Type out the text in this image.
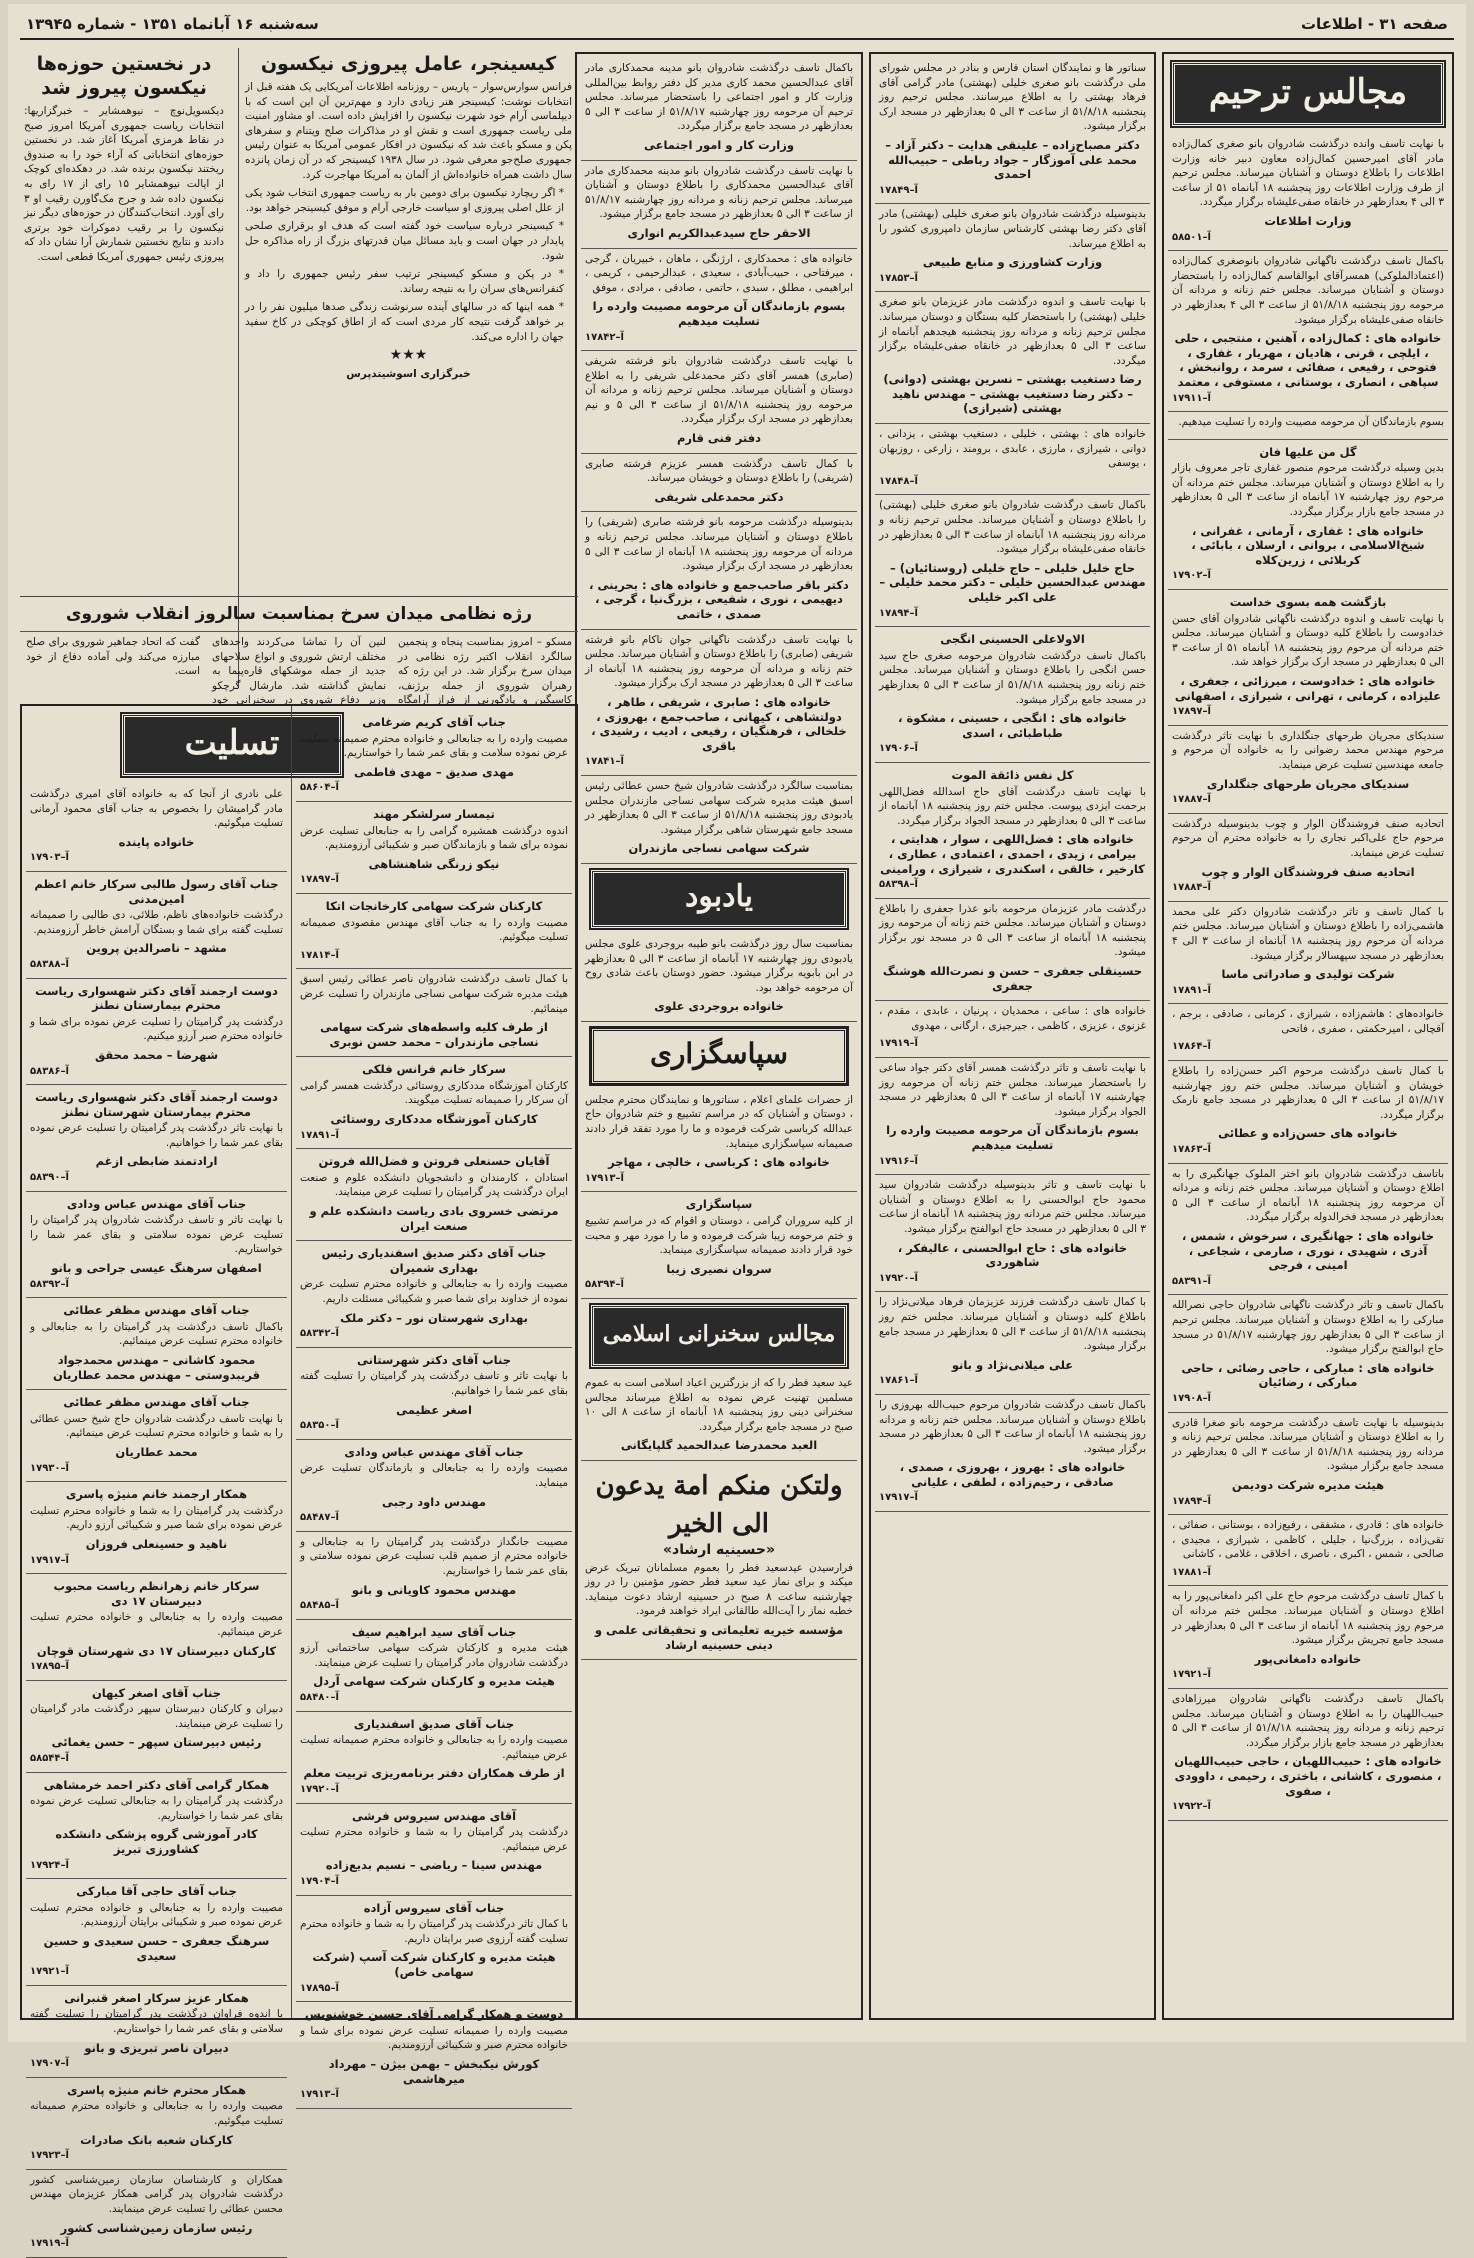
صفحه ۳۱ - اطلاعات
سه‌شنبه ۱۶ آبانماه ۱۳۵۱ - شماره ۱۳۹۴۵
مجالس ترحیم

با نهایت تاسف وانده درگذشت شادروان بانو صغری کمال‌زاده مادر آقای امیرحسین کمال‌زاده معاون دبیر خانه وزارت اطلاعات را باطلاع دوستان و آشنایان میرساند. مجلس ترحیم از طرف وزارت اطلاعات روز پنجشنبه ۱۸ آبانماه ۵۱ از ساعت ۳ الی ۴ بعدازظهر در خانقاه صفی‌علیشاه برگزار میگردد.

وزارت اطلاعات
۵۸۵۰۱–آ

باکمال تاسف درگذشت ناگهانی شادروان بانوصغری کمال‌زاده (اعتمادالملوکی) همسرآقای ابوالقاسم کمال‌زاده را باستحضار دوستان و آشنایان میرساند. مجلس ختم زنانه و مردانه آن مرحومه روز پنجشنبه ۵۱/۸/۱۸ از ساعت ۳ الی ۴ بعدازظهر در خانقاه صفی‌علیشاه برگزار میشود.

خانواده های : کمال‌زاده ، آهنین ، منتجبی ، حلی ، ایلچی ، قرنی ، هادیان ، مهریار ، غفاری ، فتوحی ، رفیعی ، صفائی ، سرمد ، روانبخش ، سپاهی ، انصاری ، بوستانی ، مستوفی ، معتمد
۱۷۹۱۱–آ

بسوم بازماندگان آن مرحومه مصیبت وارده را تسلیت میدهیم.

گل من علیها فان

بدین وسیله درگذشت مرحوم منصور غفاری تاجر معروف بازار را به اطلاع دوستان و آشنایان میرساند. مجلس ختم مردانه آن مرحوم روز چهارشنبه ۱۷ آبانماه از ساعت ۳ الی ۵ بعدازظهر در مسجد جامع بازار برگزار میگردد.

خانواده های : غفاری ، آرمانی ، غفرانی ، شیخ‌الاسلامی ، بروانی ، ارسلان ، بابائی ، کربلائی ، زرین‌کلاه
۱۷۹۰۲–آ
بازگشت همه بسوی خداست

با نهایت تاسف و اندوه درگذشت ناگهانی شادروان آقای حسن خدادوست را باطلاع کلیه دوستان و آشنایان میرساند. مجلس ختم مردانه آن مرحوم روز پنجشنبه ۱۸ آبانماه ۵۱ از ساعت ۳ الی ۵ بعدازظهر در مسجد ارک برگزار خواهد شد.

خانواده های : خدادوست ، میرزائی ، جعفری ، علیزاده ، کرمانی ، تهرانی ، شیرازی ، اصفهانی
۱۷۸۹۷–آ

سندیکای مجریان طرحهای جنگلداری با نهایت تاثر درگذشت مرحوم مهندس محمد رضوانی را به خانواده آن مرحوم و جامعه مهندسین تسلیت عرض مینماید.

سندیکای مجریان طرحهای جنگلداری
۱۷۸۸۷–آ

اتحادیه صنف فروشندگان الوار و چوب بدینوسیله درگذشت مرحوم حاج علی‌اکبر نجاری را به خانواده محترم آن مرحوم تسلیت عرض مینماید.

اتحادیه صنف فروشندگان الوار و چوب
۱۷۸۸۴–آ

با کمال تاسف و تاثر درگذشت شادروان دکتر علی محمد هاشمی‌زاده را باطلاع دوستان و آشنایان میرساند. مجلس ختم مردانه آن مرحوم روز پنجشنبه ۱۸ آبانماه از ساعت ۳ الی ۴ بعدازظهر در مسجد سپهسالار برگزار میشود.

شرکت تولیدی و صادراتی ماسا
۱۷۸۹۱–آ

خانواده‌های : هاشم‌زاده ، شیرازی ، کرمانی ، صادقی ، برجم ، آقچالی ، امیرحکمتی ، صفری ، فاتحی

۱۷۸۶۴–آ

با کمال تاسف درگذشت مرحوم اکبر حسن‌زاده را باطلاع خویشان و آشنایان میرساند. مجلس ختم روز چهارشنبه ۵۱/۸/۱۷ از ساعت ۳ الی ۵ بعدازظهر در مسجد جامع نارمک برگزار میگردد.

خانواده های حسن‌زاده و عطائی
۱۷۸۶۳–آ

باتاسف درگذشت شادروان بانو اختر الملوک جهانگیری را به اطلاع دوستان و آشنایان میرساند. مجلس ختم زنانه و مردانه آن مرحومه روز پنجشنبه ۱۸ آبانماه از ساعت ۳ الی ۵ بعدازظهر در مسجد فخرالدوله برگزار میگردد.

خانواده های : جهانگیری ، سرخوش ، شمس ، آذری ، شهیدی ، نوری ، صارمی ، شجاعی ، امینی ، فرجی
۵۸۳۹۱–آ

باکمال تاسف و تاثر درگذشت ناگهانی شادروان حاجی نصرالله مبارکی را به اطلاع دوستان و آشنایان میرساند. مجلس ترحیم از ساعت ۳ الی ۵ بعدازظهر روز چهارشنبه ۵۱/۸/۱۷ در مسجد حاج ابوالفتح برگزار میشود.

خانواده های : مبارکی ، حاجی رضائی ، حاجی مبارکی ، رضائیان
۱۷۹۰۸–آ

بدینوسیله با نهایت تاسف درگذشت مرحومه بانو صغرا قادری را به اطلاع دوستان و آشنایان میرساند. مجلس ترحیم زنانه و مردانه روز پنجشنبه ۵۱/۸/۱۸ از ساعت ۳ الی ۵ بعدازظهر در مسجد جامع برگزار میشود.

هیئت مدیره شرکت دودیمن
۱۷۸۹۴–آ

خانواده های : قادری ، مشفقی ، رفیع‌زاده ، بوستانی ، صفائی ، تقی‌زاده ، بزرگ‌نیا ، جلیلی ، کاظمی ، شیرازی ، مجیدی ، صالحی ، شمس ، اکبری ، ناصری ، اخلاقی ، غلامی ، کاشانی

۱۷۸۸۱–آ

با کمال تاسف درگذشت مرحوم حاج علی اکبر دامغانی‌پور را به اطلاع دوستان و آشنایان میرساند. مجلس ختم مردانه آن مرحوم روز پنجشنبه ۱۸ آبانماه از ساعت ۳ الی ۵ بعدازظهر در مسجد جامع تجریش برگزار میشود.

خانواده دامغانی‌پور
۱۷۹۲۱–آ

باکمال تاسف درگذشت ناگهانی شادروان میرزاهادی حبیب‌اللهیان را به اطلاع دوستان و آشنایان میرساند. مجلس ترحیم زنانه و مردانه روز پنجشنبه ۵۱/۸/۱۸ از ساعت ۳ الی ۵ بعدازظهر در مسجد جامع بازار برگزار میگردد.

خانواده های : حبیب‌اللهیان ، حاجی حبیب‌اللهیان ، منصوری ، کاشانی ، باختری ، رحیمی ، داوودی ، صفوی
۱۷۹۲۲–آ

سناتور ها و نمایندگان استان فارس و بنادر در مجلس شورای ملی درگذشت بانو صغری خلیلی (بهشتی) مادر گرامی آقای فرهاد بهشتی را به اطلاع میرسانند. مجلس ترحیم روز پنجشنبه ۵۱/۸/۱۸ از ساعت ۳ الی ۵ بعدازظهر در مسجد ارک برگزار میشود.

دکتر مصباح‌زاده – علینقی هدایت – دکتر آزاد – محمد علی آموزگار – جواد رباطی – حبیب‌الله احمدی
۱۷۸۴۹–آ

بدینوسیله درگذشت شادروان بانو صغری خلیلی (بهشتی) مادر آقای دکتر رضا بهشتی کارشناس سازمان دامپروری کشور را به اطلاع میرساند.

وزارت کشاورزی و منابع طبیعی
۱۷۸۵۳–آ

با نهایت تاسف و اندوه درگذشت مادر عزیزمان بانو صغری خلیلی (بهشتی) را باستحضار کلیه بستگان و دوستان میرساند. مجلس ترحیم زنانه و مردانه روز پنجشنبه هیجدهم آبانماه از ساعت ۳ الی ۵ بعدازظهر در خانقاه صفی‌علیشاه برگزار میگردد.

رضا دستغیب بهشتی – نسرین بهشتی (دوانی) – دکتر رضا دستغیب بهشتی – مهندس ناهید بهشتی (شیرازی)

خانواده های : بهشتی ، خلیلی ، دستغیب بهشتی ، یزدانی ، دوانی ، شیرازی ، مارزی ، عابدی ، برومند ، زارعی ، روزبهان ، یوسفی

۱۷۸۴۸–آ

باکمال تاسف درگذشت شادروان بانو صغری خلیلی (بهشتی) را باطلاع دوستان و آشنایان میرساند. مجلس ترحیم زنانه و مردانه روز پنجشنبه ۱۸ آبانماه از ساعت ۳ الی ۵ بعدازظهر در خانقاه صفی‌علیشاه برگزار میشود.

حاج خلیل خلیلی – حاج خلیلی (روستائیان) – مهندس عبدالحسین خلیلی – دکتر محمد خلیلی – علی اکبر خلیلی
۱۷۸۹۴–آ
الاولاعلی الحسینی انگجی

باکمال تاسف درگذشت شادروان مرحومه صغری حاج سید حسن انگجی را باطلاع دوستان و آشنایان میرساند. مجلس ختم زنانه روز پنجشنبه ۵۱/۸/۱۸ از ساعت ۳ الی ۵ بعدازظهر در مسجد جامع برگزار میشود.

خانواده های : انگجی ، حسینی ، مشکوة ، طباطبائی ، اسدی
۱۷۹۰۶–آ
کل نفس ذائقة الموت

با نهایت تاسف درگذشت آقای حاج اسدالله فضل‌اللهی برحمت ایزدی پیوست. مجلس ختم روز پنجشنبه ۱۸ آبانماه از ساعت ۳ الی ۵ بعدازظهر در مسجد الجواد برگزار میگردد.

خانواده های : فضل‌اللهی ، سوار ، هدایتی ، بیرامی ، زیدی ، احمدی ، اعتمادی ، عطاری ، کارخیر ، خالقی ، اسکندری ، شیرازی ، ورامینی
۵۸۳۹۸–آ

درگذشت مادر عزیزمان مرحومه بانو عذرا جعفری را باطلاع دوستان و آشنایان میرساند. مجلس ختم زنانه آن مرحومه روز پنجشنبه ۱۸ آبانماه از ساعت ۳ الی ۵ در مسجد نور برگزار میشود.

حسینقلی جعفری – حسن و نصرت‌الله هوشنگ جعفری

خانواده های : ساعی ، محمدیان ، پرنیان ، عابدی ، مقدم ، غزنوی ، عزیزی ، کاظمی ، جیرجیزی ، ارگانی ، مهدوی

۱۷۹۱۹–آ

با نهایت تاسف و تاثر درگذشت همسر آقای دکتر جواد ساعی را باستحضار میرساند. مجلس ختم زنانه آن مرحومه روز چهارشنبه ۱۷ آبانماه از ساعت ۳ الی ۵ بعدازظهر در مسجد الجواد برگزار میشود.

بسوم بازماندگان آن مرحومه مصیبت وارده را تسلیت میدهیم
۱۷۹۱۶–آ

با نهایت تاسف و تاثر بدینوسیله درگذشت شادروان سید محمود حاج ابوالحسنی را به اطلاع دوستان و آشنایان میرساند. مجلس ختم مردانه روز پنجشنبه ۱۸ آبانماه از ساعت ۳ الی ۵ بعدازظهر در مسجد حاج ابوالفتح برگزار میشود.

خانواده های : حاج ابوالحسنی ، عالیفکر ، شاهوردی
۱۷۹۲۰–آ

با کمال تاسف درگذشت فرزند عزیزمان فرهاد میلانی‌نژاد را باطلاع کلیه دوستان و آشنایان میرساند. مجلس ختم روز پنجشنبه ۵۱/۸/۱۸ از ساعت ۳ الی ۵ بعدازظهر در مسجد جامع برگزار میشود.

علی میلانی‌نژاد و بانو
۱۷۸۶۱–آ

باکمال تاسف درگذشت شادروان مرحوم حبیب‌الله بهروزی را باطلاع دوستان و آشنایان میرساند. مجلس ختم زنانه و مردانه روز پنجشنبه ۱۸ آبانماه از ساعت ۳ الی ۵ بعدازظهر در مسجد برگزار میشود.

خانواده های : بهروز ، بهروزی ، صمدی ، صادقی ، رحیم‌زاده ، لطفی ، علیانی
۱۷۹۱۷–آ

باکمال تاسف درگذشت شادروان بانو مدینه محمدکاری مادر آقای عبدالحسین محمد کاری مدیر کل دفتر روابط بین‌المللی وزارت کار و امور اجتماعی را باستحضار میرساند. مجلس ترحیم آن مرحومه روز چهارشنبه ۵۱/۸/۱۷ از ساعت ۳ الی ۵ بعدازظهر در مسجد جامع برگزار میگردد.

وزارت کار و امور اجتماعی

با نهایت تاسف درگذشت شادروان بانو مدینه محمدکاری مادر آقای عبدالحسین محمدکاری را باطلاع دوستان و آشنایان میرساند. مجلس ترحیم زنانه و مردانه روز چهارشنبه ۵۱/۸/۱۷ از ساعت ۳ الی ۵ بعدازظهر در مسجد جامع برگزار میشود.

الاحقر حاج سیدعبدالکریم انواری

خانواده های : محمدکاری ، ارژنگی ، ماهان ، خبیریان ، گرجی ، میرفتاحی ، حبیب‌آبادی ، سعیدی ، عبدالرحیمی ، کریمی ، ابراهیمی ، مطلق ، سبدی ، حاتمی ، صادقی ، مرادی ، موفق

بسوم بازماندگان آن مرحومه مصیبت وارده را تسلیت میدهیم
۱۷۸۴۲–آ

با نهایت تاسف درگذشت شادروان بانو فرشته شریفی (صابری) همسر آقای دکتر محمدعلی شریفی را به اطلاع دوستان و آشنایان میرساند. مجلس ترحیم زنانه و مردانه آن مرحومه روز پنجشنبه ۵۱/۸/۱۸ از ساعت ۳ الی ۵ و نیم بعدازظهر در مسجد ارک برگزار میگردد.

دفتر فنی قارم

با کمال تاسف درگذشت همسر عزیزم فرشته صابری (شریفی) را باطلاع دوستان و خویشان میرساند.

دکتر محمدعلی شریفی

بدینوسیله درگذشت مرحومه بانو فرشته صابری (شریفی) را باطلاع دوستان و آشنایان میرساند. مجلس ترحیم زنانه و مردانه آن مرحومه روز پنجشنبه ۱۸ آبانماه از ساعت ۳ الی ۵ بعدازظهر در مسجد ارک برگزار میشود.

دکتر باقر صاحب‌جمع و خانواده های : بحرینی ، دیهیمی ، نوری ، شفیعی ، بزرگ‌نیا ، گرجی ، صمدی ، خاتمی

با نهایت تاسف درگذشت ناگهانی جوان ناکام بانو فرشته شریفی (صابری) را باطلاع دوستان و آشنایان میرساند. مجلس ختم زنانه و مردانه آن مرحومه روز پنجشنبه ۱۸ آبانماه از ساعت ۳ الی ۵ بعدازظهر در مسجد ارک برگزار میشود.

خانواده های : صابری ، شریفی ، طاهر ، دولتشاهی ، کیهانی ، صاحب‌جمع ، بهروزی ، خلخالی ، فرهنگیان ، رفیعی ، ادیب ، رشیدی ، باقری
۱۷۸۴۱–آ

بمناسبت سالگرد درگذشت شادروان شیخ حسن عطائی رئیس اسبق هیئت مدیره شرکت سهامی نساجی مازندران مجلس یادبودی روز پنجشنبه ۵۱/۸/۱۸ از ساعت ۳ الی ۵ بعدازظهر در مسجد جامع شهرستان شاهی برگزار میشود.

شرکت سهامی نساجی مازندران
یادبود

بمناسبت سال روز درگذشت بانو طیبه بروجردی علوی مجلس یادبودی روز چهارشنبه ۱۷ آبانماه از ساعت ۳ الی ۵ بعدازظهر در ابن بابویه برگزار میشود. حضور دوستان باعث شادی روح آن مرحومه خواهد بود.

خانواده بروجردی علوی
سپاسگزاری

از حضرات علمای اعلام ، سناتورها و نمایندگان محترم مجلس ، دوستان و آشنایان که در مراسم تشییع و ختم شادروان حاج عبدالله کرباسی شرکت فرموده و ما را مورد تفقد قرار دادند صمیمانه سپاسگزاری مینماید.

خانواده های : کرباسی ، خالچی ، مهاجر
۱۷۹۱۳–آ
سپاسگزاری

از کلیه سروران گرامی ، دوستان و اقوام که در مراسم تشییع و ختم مرحومه زیبا شرکت فرموده و ما را مورد مهر و محبت خود قرار دادند صمیمانه سپاسگزاری مینماید.

سروان نصیری زیبا
۵۸۳۹۴–آ
مجالس سخنرانی اسلامی

عید سعید فطر را که از بزرگترین اعیاد اسلامی است به عموم مسلمین تهنیت عرض نموده به اطلاع میرساند مجالس سخنرانی دینی روز پنجشنبه ۱۸ آبانماه از ساعت ۸ الی ۱۰ صبح در مسجد جامع برگزار میگردد.

العبد محمدرضا عبدالحمید گلپایگانی
ولتکن منکم امة یدعون الی الخیر
«حسینیه ارشاد»

فرارسیدن عیدسعید فطر را بعموم مسلمانان تبریک عرض میکند و برای نماز عید سعید فطر حضور مؤمنین را در روز چهارشنبه ساعت ۸ صبح در حسینیه ارشاد دعوت مینماید. خطبه نماز را آیت‌الله طالقانی ایراد خواهند فرمود.

مؤسسه خیریه تعلیماتی و تحقیقاتی علمی و دینی حسینیه ارشاد
کیسینجر، عامل پیروزی نیکسون

فرانس سوارس‌سوار – پاریس – روزنامه اطلاعات آمریکایی یک هفته قبل از انتخابات نوشت: کیسینجر هنر زیادی دارد و مهم‌ترین آن این است که با دیپلماسی آرام خود شهرت نیکسون را افزایش داده است. او مشاور امنیت ملی ریاست جمهوری است و نقش او در مذاکرات صلح ویتنام و سفرهای پکن و مسکو باعث شد که نیکسون در افکار عمومی آمریکا به عنوان رئیس جمهوری صلح‌جو معرفی شود. در سال ۱۹۳۸ کیسینجر که در آن زمان پانزده سال داشت همراه خانواده‌اش از آلمان به آمریکا مهاجرت کرد.

* اگر ریچارد نیکسون برای دومین بار به ریاست جمهوری انتخاب شود یکی از علل اصلی پیروزی او سیاست خارجی آرام و موفق کیسینجر خواهد بود.

* کیسینجر درباره سیاست خود گفته است که هدف او برقراری صلحی پایدار در جهان است و باید مسائل میان قدرتهای بزرگ از راه مذاکره حل شود.

* در پکن و مسکو کیسینجر ترتیب سفر رئیس جمهوری را داد و کنفرانس‌های سران را به نتیجه رساند.

* همه اینها که در سالهای آینده سرنوشت زندگی صدها میلیون نفر را در بر خواهد گرفت نتیجه کار مردی است که از اطاق کوچکی در کاخ سفید جهان را اداره می‌کند.

★★★
خبرگزاری اسوشیتدپرس
در نخستین حوزه‌ها نیکسون پیروز شد

دیکسویل‌نوچ – نیوهمشایر – خبرگزاریها: انتخابات ریاست جمهوری آمریکا امروز صبح در نقاط هرمزی آمریکا آغاز شد. در نخستین حوزه‌های انتخاباتی که آراء خود را به صندوق ریختند نیکسون برنده شد. در دهکده‌ای کوچک از ایالت نیوهمشایر ۱۵ رای از ۱۷ رای به نیکسون داده شد و جرج مک‌گاورن رقیب او ۳ رای آورد. انتخاب‌کنندگان در حوزه‌های دیگر نیز نیکسون را بر رقیب دموکرات خود برتری دادند و نتایج نخستین شمارش آرا نشان داد که پیروزی رئیس جمهوری آمریکا قطعی است.

رژه نظامی میدان سرخ بمناسبت سالروز انقلاب شوروی

مسکو – امروز بمناسبت پنجاه و پنجمین سالگرد انقلاب اکتبر رژه نظامی در میدان سرخ برگزار شد. در این رژه که رهبران شوروی از جمله برژنف، کاسیگین و پادگورنی از فراز آرامگاه لنین آن را تماشا می‌کردند واحدهای مختلف ارتش شوروی و انواع سلاحهای جدید از جمله موشکهای قاره‌پیما به نمایش گذاشته شد. مارشال گرچکو وزیر دفاع شوروی در سخنرانی خود گفت که اتحاد جماهیر شوروی برای صلح مبارزه می‌کند ولی آماده دفاع از خود است.

تسلیت

علی نادری از آنجا که به خانواده آقای امیری درگذشت مادر گرامیشان را بخصوص به جناب آقای محمود آرمانی تسلیت میگوئیم.

خانواده پاینده
۱۷۹۰۳–آ
جناب آقای رسول طالبی سرکار خانم اعظم امین‌مدنی

درگذشت خانواده‌های ناظم، طلائی، دی طالبی را صمیمانه تسلیت گفته برای شما و بستگان آرامش خاطر آرزومندیم.

مشهد – ناصرالدین پروین
۵۸۳۸۸–آ
دوست ارجمند آقای دکتر شهسواری ریاست محترم بیمارستان نطنز

درگذشت پدر گرامیتان را تسلیت عرض نموده برای شما و خانواده محترم صبر آرزو میکنیم.

شهرضا – محمد محقق
۵۸۳۸۶–آ
دوست ارجمند آقای دکتر شهسواری ریاست محترم بیمارستان شهرستان نطنز

با نهایت تاثر درگذشت پدر گرامیتان را تسلیت عرض نموده بقای عمر شما را خواهانیم.

ارادتمند ضابطی ازغم
۵۸۳۹۰–آ
جناب آقای مهندس عباس ودادی

با نهایت تاثر و تاسف درگذشت شادروان پدر گرامیتان را تسلیت عرض نموده سلامتی و بقای عمر شما را خواستاریم.

اصفهان سرهنگ عیسی جراحی و بانو
۵۸۳۹۲–آ
جناب آقای مهندس مظفر عطائی

باکمال تاسف درگذشت پدر گرامیتان را به جنابعالی و خانواده محترم تسلیت عرض مینمائیم.

محمود کاشانی – مهندس محمدجواد قریبدوستی – مهندس محمد عطاریان
جناب آقای مهندس مظفر عطائی

با نهایت تاسف درگذشت شادروان حاج شیخ حسن عطائی را به شما و خانواده محترم تسلیت عرض مینمائیم.

محمد عطاریان
۱۷۹۳۰–آ
همکار ارجمند خانم منیژه پاسری

درگذشت پدر گرامیتان را به شما و خانواده محترم تسلیت عرض نموده برای شما صبر و شکیبائی آرزو داریم.

ناهید و حسینعلی فروزان
۱۷۹۱۷–آ
سرکار خانم زهرانظم ریاست محبوب دبیرستان ۱۷ دی

مصیبت وارده را به جنابعالی و خانواده محترم تسلیت عرض مینمائیم.

کارکنان دبیرستان ۱۷ دی شهرستان قوچان
۱۷۸۹۵–آ
جناب آقای اصغر کیهان

دبیران و کارکنان دبیرستان سپهر درگذشت مادر گرامیتان را تسلیت عرض مینمایند.

رئیس دبیرستان سپهر – حسن یغمائی
۵۸۵۴۴–آ
همکار گرامی آقای دکتر احمد خرمشاهی

درگذشت پدر گرامیتان را به جنابعالی تسلیت عرض نموده بقای عمر شما را خواستاریم.

کادر آموزشی گروه پزشکی دانشکده کشاورزی تبریز
۱۷۹۲۴–آ
جناب آقای حاجی آقا مبارکی

مصیبت وارده را به جنابعالی و خانواده محترم تسلیت عرض نموده صبر و شکیبائی برایتان آرزومندیم.

سرهنگ جعفری – حسن سعیدی و حسین سعیدی
۱۷۹۲۱–آ
همکار عزیز سرکار اصغر قنبرانی

با اندوه فراوان درگذشت پدر گرامیتان را تسلیت گفته سلامتی و بقای عمر شما را خواستاریم.

دبیران ناصر تبریزی و بانو
۱۷۹۰۷–آ
همکار محترم خانم منیژه پاسری

مصیبت وارده را به جنابعالی و خانواده محترم صمیمانه تسلیت میگوئیم.

کارکنان شعبه بانک صادرات
۱۷۹۲۳–آ

همکاران و کارشناسان سازمان زمین‌شناسی کشور درگذشت شادروان پدر گرامی همکار عزیزمان مهندس محسن عطائی را تسلیت عرض مینمایند.

رئیس سازمان زمین‌شناسی کشور
۱۷۹۱۹–آ
جناب آقای کریم ضرغامی

مصیبت وارده را به جنابعالی و خانواده محترم صمیمانه تسلیت عرض نموده سلامت و بقای عمر شما را خواستاریم.

مهدی صدیق – مهدی فاطمی
۵۸۶۰۴–آ
تیمسار سرلشکر مهند

اندوه درگذشت همشیره گرامی را به جنابعالی تسلیت عرض نموده برای شما و بازماندگان صبر و شکیبائی آرزومندیم.

نیکو زرنگی شاهنشاهی
۱۷۸۹۷–آ
کارکنان شرکت سهامی کارخانجات اتکا

مصیبت وارده را به جناب آقای مهندس مقصودی صمیمانه تسلیت میگوئیم.

۱۷۸۱۴–آ

با کمال تاسف درگذشت شادروان ناصر عطائی رئیس اسبق هیئت مدیره شرکت سهامی نساجی مازندران را تسلیت عرض مینمائیم.

از طرف کلیه واسطه‌های شرکت سهامی نساجی مازندران – محمد حسن نوبری
سرکار خانم فرانس فلکی

کارکنان آموزشگاه مددکاری روستائی درگذشت همسر گرامی آن سرکار را صمیمانه تسلیت میگویند.

کارکنان آموزشگاه مددکاری روستائی
۱۷۸۹۱–آ
آقایان حسنعلی فروتن و فضل‌الله فروتن

استادان ، کارمندان و دانشجویان دانشکده علوم و صنعت ایران درگذشت پدر گرامیتان را تسلیت عرض مینمایند.

مرتضی خسروی بادی ریاست دانشکده علم و صنعت ایران
جناب آقای دکتر صدیق اسفندیاری رئیس بهداری شمیران

مصیبت وارده را به جنابعالی و خانواده محترم تسلیت عرض نموده از خداوند برای شما صبر و شکیبائی مسئلت داریم.

بهداری شهرستان نور – دکتر ملک
۵۸۳۴۲–آ
جناب آقای دکتر شهرستانی

با نهایت تاثر و تاسف درگذشت پدر گرامیتان را تسلیت گفته بقای عمر شما را خواهانیم.

اصغر عظیمی
۵۸۳۵۰–آ
جناب آقای مهندس عباس ودادی

مصیبت وارده را به جنابعالی و بازماندگان تسلیت عرض مینماید.

مهندس داود رجبی
۵۸۴۸۷–آ

مصیبت جانگداز درگذشت پدر گرامیتان را به جنابعالی و خانواده محترم از صمیم قلب تسلیت عرض نموده سلامتی و بقای عمر شما را خواستاریم.

مهندس محمود کاویانی و بانو
۵۸۴۸۵–آ
جناب آقای سید ابراهیم سیف

هیئت مدیره و کارکنان شرکت سهامی ساختمانی آرزو درگذشت شادروان مادر گرامیتان را تسلیت عرض مینمایند.

هیئت مدیره و کارکنان شرکت سهامی آردل
۵۸۴۸۰–آ
جناب آقای صدیق اسفندیاری

مصیبت وارده را به جنابعالی و خانواده محترم صمیمانه تسلیت عرض مینمائیم.

از طرف همکاران دفتر برنامه‌ریزی تربیت معلم
۱۷۹۲۰–آ
آقای مهندس سیروس فرشی

درگذشت پدر گرامیتان را به شما و خانواده محترم تسلیت عرض مینمائیم.

مهندس سینا – ریاضی – نسیم بدیع‌زاده
۱۷۹۰۴–آ
جناب آقای سیروس آزاده

با کمال تاثر درگذشت پدر گرامیتان را به شما و خانواده محترم تسلیت گفته آرزوی صبر برایتان داریم.

هیئت مدیره و کارکنان شرکت آسپ (شرکت سهامی خاص)
۱۷۸۹۵–آ
دوست و همکار گرامی آقای حسین خوشنویس

مصیبت وارده را صمیمانه تسلیت عرض نموده برای شما و خانواده محترم صبر و شکیبائی آرزومندیم.

کورش نیکبخش – بهمن بیژن – مهرداد میرهاشمی
۱۷۹۱۳–آ
